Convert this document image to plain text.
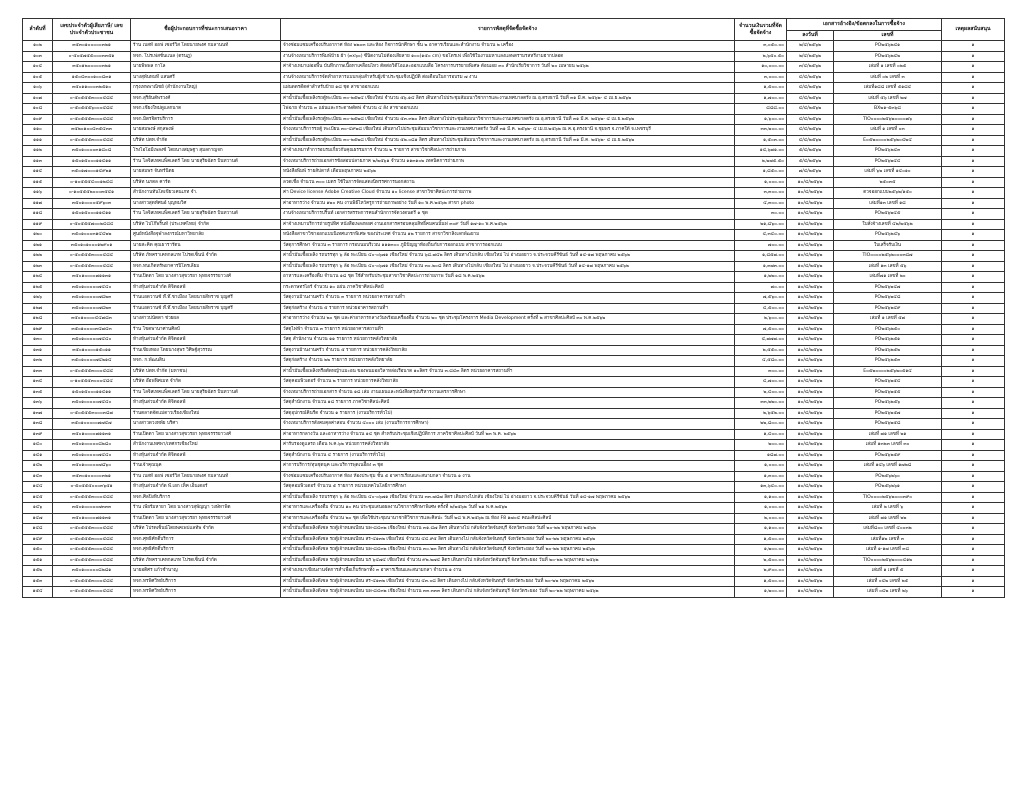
ลำดับที่	เลขประจำตัวผู้เสียภาษี/ เลขประจำตัวประชาชน	ชื่อผู้ประกอบการที่ชนะการเสนอราคา	รายการพัสดุที่จัดซื้อจัดจ้าง	จำนวนเงินรวมที่จัดซื้อจัดจ้าง	เอกสารอ้างอิง/ข้อตกลงในการซื้อจ้าง		เหตุผลสนับสนุน
					ลงวันที่	เลขที่	
๑๐๒	๓๕๓๐๑๐๐๐๐๐๓๒๑	ร้าน เบสท์ ออฟ เซอร์วิส โดยนายพงศ กมลานนท์	จ้างซ่อมแซมเครื่องปรับอากาศ ห้อง ๒๒๐๓ และห้อง กิจการนักศึกษา ชั้น ๒ อาคารเรียนและสำนักงาน จำนวน ๒ เครื่อง	๓,๐๕๐.๐๐	๒/๔/๒๕๖๒	PO๒๕๖๒๔๑	๑
๑๐๓	๐-๕๐๕๗๕๕๐๐๐๓๓๕๑	หจก. โปรเฟสชั่นแนล (ตรนฎ)	งานจ้างเหมาบริการพิมพ์ป้าย ผ้า (๓x๖๐) ซีนิดงานไม่ต้องเสียลาย ๑๐๐(๑๕๐ cm) ขอโตรเฟ เพื่อใช้ในงานมหาแลงแลพตรฯมรสหรีงามฮากปลอด	๒,๖๕๐.๕๐	๒/๔/๒๕๖๒	PO๒๕๖๒๔๒	๑
๑๐๔	๓๕๐๑๒๐๐๐๐๐๓๒๑	นายพิพพล กาโล	ค่าจ้างเหมาเผ่ออพื้น บันทึกภาพเนื้อหาเคลื่อนไหว ตัดต่อวิดีโอและออกแบบสื่อ โครงการบรรยายพิเศษ ต้อนเอย ๓๐ สำนักเรียวิชาการ วันที่ ๒๐ เมษายน ๒๕๖๒	๑๐,๐๐๐.๐๐	๓/๔/๒๕๖๒	เล่มที่ ๑ เลขที่ ๐๒๕	๑
๑๐๕	๑๕๐๔๓๐๐๑๐๐๘๓๑	นางสุพันหมที แสนศรี	งานจ้างเหมาบริการจัดทำอาหารแบบกลุ่มสำหรับผู้เข้าประชุมเชิงปฏิบัติ ต่อเดือนในการอบรม ๗ งาน	๓,๐๐๐.๐๐	๔/๔/๒๕๖๒	เล่มที่ ๐๒ เลขที่ ๓	๑
๑๐๖	๓๕๐๑๑๐๐๐๓๒๕๑๐	กรุงเทพพาณิชย์ (สำนักงานใหญ่)	แผ่นดตรดีตค่าสำหรับป้าย ๑๘ ชุด สาขาออกแบบ	๑,๕๐๐.๐๐	๔/๔/๒๕๖๒	เล่มที่๑๘๘ เลขที่ ๕๑๘๔	๑
๑๐๗	๐-๕๐๕๕๕๓๐๐๐๔๘๔	หจก.สุริยันต์พรวงศ์	ค่าน้ำมันเชื้อเพลิงรถตู้ทะเบียน ๓๐-๒๕๒๔ เชียงใหม่ จำนวน ๕๖.๑๔ ลิตร เดินทางไปประชุมสัมมนาวิชาการและงานเทศบาลตรัง ณ อุ.ตรงธานี วันที่ ๓๑ มี.ค. ๒๕๖๒- ๔ เม.ย.๒๕๖๒	๑,๗๐๐.๐๐	๔/๔/๒๕๖๒	เล่มที่ ๕๖ เลขที่ ๒๗	๑
๑๐๘	๐-๕๐๕๕๕๖๐๐๐๔๘๔	หจก.เชียงใหม่ดูแลกนาด	ไฟฉาย จำนวน ๓ แผ่นและกระดาษดัดฟ จำนวน ๔ ลัง สาขาออกแบบ	๘๘๘.๐๐	๔/๔/๒๕๖๒	BX๒๑-๕๓๖๘	๑
๑๐๙	๐-๕๐๕๕๕๓๐๐๐๔๘๔	หจก.มิตรจิตรบริการ	ค่าน้ำมันเชื้อเพลิงรถตู้ทะเบียน ๓๐-๒๕๒๘ เชียงใหม่ จำนวน ๕๓.๓๒๐ ลิตร เดินทางไปประชุมสัมมนาวิชาการและงานเทศบาลตรัง ณ อุ.ตรงธานี วันที่ ๓๑ มี.ค. ๒๕๖๒- ๔ เม.ย.๒๕๖๒	๑,๖๐๐.๐๐	๔/๔/๒๕๖๒	TIO๐๐๐๐๒๕๖๒๐๐๐๐๗๖	๑
๑๑๐	๓๕๒๐๑๐๐๔๓๕๔๓๓	นายสมพงษ์ สกุลพงษ์	จ้างเหมาบริการรถตู้ ทะเบียน ๓๐-๔๙๒๘ เชียงใหม่ เดินทางไปประชุมสัมมนาวิชาการและงานเทศบาลตรัง วันที่ ๓๑ มี.ค. ๒๕๖๒- ๔ เม.ย.๒๕๖๒ ณ ค.อุ.ตรงธานี จ.ชุมพร จ.ภาคใต้ จ.เพชรบุรี	๓๓,๒๐๐.๐๐	๔/๔/๒๕๖๒	เล่มที่ ๑ เลขที่ ๐๓	๑
๑๑๑	๐-๕๐๕๕๕๓๐๐๐๔๘๔	บริษัท ปตท.จำกัด	ค่าน้ำมันเชื้อเพลิงรถตู้ทะเบียน ๓๐-๒๕๒๘ เชียงใหม่ จำนวน ๕๒.๐๘๑ ลิตร เดินทางไปประชุมสัมมนาวิชาการและงานเทศบาลตรัง ณ อุ.ตรงธานี วันที่ ๓๑ มี.ค. ๒๕๖๒- ๔ เม.ย.๒๕๖๒	๑,๕๐๓.๐๐	๔/๔/๒๕๖๒	E๐๕๒๐๐๐๐๒๕๖๒๐๔๒๔	๑
๑๑๒	๓๕๐๑๐๐๐๐๓๑๘๐๘	โรงไอโอมีเพลงซ์ โดยนางสมุษฐา สุมลกาญจก	ค่าจ้างเหมาทำการอบรมเกี่ยวกับคุณธรรมการ จำนวน ๒ รายการ สาขาวิชาศิลปะการถ่ายภาพ	๑๔,๖๗๑.๐๐	๕/๔/๒๕๖๒	PO๒๕๖๒๔๓	๑
๑๑๓	๑๕๐๑๕๐๐๐๑๑๔๑๑	ร้าน โลจิสเทคแพ็คเลตร์ โดย นายสุริยฉัตร บินทวานต์	จ้างเหมาบริการถ่ายเอกสารข้อสอบปลายภาค ๒/๒๕๖๑ จำนวน ๑๑๓๑๐๒ เทคนิคการถ่ายภาพ	๒,๒๗๕.๕๐	๕/๔/๒๕๖๒	PO๒๕๖๒๔๔	๑
๑๑๔	๓๕๐๑๗๐๐๐๑๔๙๒๑	นายสมพร จันทร์นิตย	หนังสือพิมพ์ รายสัปดาห์ เดือนพฤษภาคม ๒๕๖๒	๑,๘๕๐.๐๐	๗/๔/๒๕๖๒	เล่มที่ ๖๒ เลขที่ ๑๔๐๑๐	๑
๑๑๕	๐-๑๐๕๕๕๔๐๐๑๒๔๘	บริษัท นภดล คาร์ด	ลวดเชื่อ จำนวน ๓๐๐ เมตร ใช้ในการจัดแสดงนิทรรศการนอกสถาน	๑,๐๐๐.๐๐	๑๐/๔/๒๕๖๒	๒๕๐๓๕	๑
๑๑๖	๐-๑๐๕๕๕๒๐๐๐๓๕๔๑	สำนักงานทันโตเขียวเคนเภท จำ.	ค่า Device license Adobe Creative Cloud จำนวน ๑๐ license สาขาวิชาศิลปะการถ่ายภาพ	๓,๓๐๐.๐๐	๑๐/๔/๒๕๖๒	ตวจออกแบบ๒๕๖๒/๑๕๐	๑
๑๑๗	๓๕๐๑๐๐๐๐๕๙๖๐๓	นางสาวสุดทัศนอ์ บุญหมวิศ	ค่าอาหารว่าง จำนวน ๑๒๐ คน งานพิธีไหว้ครูการถ่ายภาพอย่าง วันที่ ๑๐ พ.ค.๒๕๖๒ สาขา photo	๔,๓๐๐.๐๐	๑๐/๔/๒๕๖๒	เล่มที่๑๓ เลขที่ ๑๘	๑
๑๑๘	๑๕๐๑๕๐๐๐๑๑๔๑๑	ร้าน โลจิสเทคแพ็คเลตร์ โดย นายสุริยฉัตร บินทวานต์	งานจ้างเหมาบริการปริ้นท์ เอกสารสรรพการคนสำนักการจัดวงดนตรี ๑ ชุด	๓๐.๐๐	๑๐/๔/๒๕๖๒	PO๒๕๖๒๔๕	๑
๑๑๙	๐-๕๐๕๕๕๗๐๐๒๔๘๔	บริษัท ไปโก๊พริ้นท์ (ประเทศไทย) จำกัด	ค่าจ้างเหมาบริการถ่ายรูปทิศ หนังสือเพลงหอศ งานเอกสารครอบคลุมสิทธิ์คมคนนั้นฟ ๓๐๙ วันที่ ๑๗-๑๐ พ.ค.๒๕๖๒	๒๑,๘๖๐.๐๐	๑๐/๔/๒๕๖๒	ใบสั่งจ้างเลขที่ ๔๒/๒๕๖๒	๑
๑๒๐	๓๕๐๑๐๐๐๓๑๔๔๒๒	ศูนย์หนังสือจุฬาลงกรณ์มหาวิทยาลัย	หนังสือสาขาวิชาออกแบบนิเทศแกรกพิเศษ ของประเทศ จำนวน ๑๒ รายการ สาขาวิชาสิงเลกพัฒยาม	๔,๓๔๐.๐๐	๑๐/๔/๒๕๖๒	PO๒๕๖๒๔๖	๑
๑๒๑	๓๕๐๑๐๑๐๐๐๑๒๙๐๑	นายสะคิด คุณธารารัตน	วัสดุการศึกษา จำนวน ๓ รายการ กรอบนมบริเวณ ๑๑๑๓๐๐ ภูมิปัญญาท้องถิ่นกับการออกแบบ สาขาการออกแบบ	๗๐๐.๐๐	๑๐/๔/๒๕๖๒	ใบเสร็จรับเงิน	๑
๑๒๒	๐-๕๐๕๕๕๓๐๐๐๔๘๔	บริษัท ภัทคราเคหกลเภท โปรดเซ็นน์ จำกัด	ค่าน้ำมันเชื้อเพลิง รถบรรทุก ๖ ล้อ ทะเบียน ๔๐-๐๖๗๑ เชียงใหม่ จำนวน ๖๘.๗๔๒ ลิตร เดินทางไปกลับ เชียงใหม่ ไป อ่างมอยาว จ.ประจวบคีรีขันธ์ วันที่ ๑๔-๑๗ พฤษภาคม ๒๕๖๒	๑,๘๕๗.๐๐	๑๐/๔/๒๕๖๒	TIO๐๐๐๐๒๕๖๒๐๐๐๓๘๗	๑
๑๒๓	๐-๕๐๕๕๕๓๐๐๐๔๘๔	หจก.ทนเกิดทรัพยาคารปิโตรเลียม	ค่าน้ำมันเชื้อเพลิง รถบรรทุก ๖ ล้อ ทะเบียน ๔๐-๐๖๗๑ เชียงใหม่ จำนวน ๓๐.๒๐๘ ลิตร เดินทางไปกลับ เชียงใหม่ ไป อ่างมอยาว จ.ประจวบคีรีขันธ์ วันที่ ๑๔-๑๗ พฤษภาคม ๒๕๖๒	๑,๓๗๓.๐๐	๑๐/๔/๒๕๖๒	เล่มที่ ๑๓ เลขที่ ๕๖	๑
๑๒๔	๓๕๐๑๐๐๐๐๗๑๑๓๑	ร้านเปิดตา โดย นางสาวสุขวรยา พุทธจรรรยาวงศ์	อาหารและเครื่องดื่ม จำนวน ๑๘ ชุด ใช้สำหรับประชุมสาขาวิชาศิลปะการถ่ายภาพ วันที่ ๑๘ พ.ค.๒๕๖๒	๑,๒๒๐.๐๐	๑๐/๔/๒๕๖๒	เล่มที่๗๑ เลขที่ ๒๐	๑
๑๒๕	๓๕๐๑๐๐๐๐๐๗๔๔๐	ห้างหุ้นส่วนจำกัด ดิจิตอลฟ์	กระดาษทรไอร์ จำนวน ๑๐ แผ่น ภาควิชาศิลปะศิลป์	๗๐.๐๐	๑๐/๔/๒๕๖๒	PO๒๕๖๒๔๗	๑
๑๒๖	๓๕๐๑๐๐๐๐๐๗๘๒๓	ร้านแอดวานซ์ ท๊.ท๊.ชาเมือง โดยนายสีหราช บุญศรี	วัสดุงานบ้านงานครัว จำนวน ๓ รายการ หน่วยอาคารสถานที่ฯ	๗,๕๖๐.๐๐	๑๐/๔/๒๕๖๒	PO๒๕๖๒๔๘	๑
๑๒๗	๓๕๐๑๐๐๐๐๐๗๘๒๓	ร้านแอดวานซ์ ท๊.ท๊.ชาเมือง โดยนายสีหราช บุญศรี	วัสดุก่อสร้าง จำนวน ๕ รายการ หน่วยอาคารสถานที่ฯ	๔,๕๐๐.๐๐	๑๐/๔/๒๕๖๒	PO๒๕๖๒๔๙	๑
๑๒๘	๓๕๐๑๐๐๐๐๔๔๗๘๓	นางสาวปนัดดา ช่วยผล	ค่าอาหารว่าง จำนวน ๒๐ ชุด และค่าอาหารกลางวันพร้อมเครื่องดื่ม จำนวน ๒๐ ชุด ประชุมโครงการ Media Development ครั้งที่ ๒ สาขาศิลปะศิลป์ ๓๐ พ.ค.๒๕๖๒	๒,๖๐๐.๐๐	๑๐/๔/๒๕๖๒	เล่มที่ ๑ เลขที่ ๕๗	๑
๑๒๙	๓๕๐๑๐๐๐๐๓๔๗๔๓	ร้าน โขดพานาศานศิลป์	วัสดุไฟฟ้า จำนวน ๓ รายการ หน่วยอาคารสถานที่ฯ	๗,๕๐๐.๐๐	๑๐/๔/๒๕๖๒	PO๒๕๖๒๕๐	๑
๑๓๐	๓๕๐๑๐๐๐๐๐๗๔๔๐	ห้างหุ้นส่วนจำกัด ดิจิตอลฟ์	วัสดุ สำนักงาน จำนวน ๑๑ รายการ หน่วยการคลังวิทยาลัย	๔,๗๗๗.๐๐	๑๐/๔/๒๕๖๒	PO๒๕๖๒๕๑	๑
๑๓๑	๓๕๐๑๐๐๐๐๑๕๐๑๑	ร้านเขียงทอง โดยนางสุพร วิศิษฐ์สุวรรณ	วัสดุงานบ้านงานครัว จำนวน ๕ รายการ หน่วยการคลังวิทยาลัย	๒,๕๕๐.๐๐	๑๐/๔/๒๕๖๒	PO๒๕๖๒๕๒	๑
๑๓๒	๓๕๐๑๐๐๐๐๗๔๒๑๔	หจก. ก.พัฒนสิน	วัสดุก่อสร้าง จำนวน ๒๒ รายการ หน่วยการคลังวิทยาลัย	๔,๕๘๐.๐๐	๑๐/๔/๒๕๖๒	PO๒๕๖๒๕๓	๑
๑๓๓	๐-๕๐๕๕๕๓๐๐๐๔๘๔	บริษัท ปตท.จำกัด (มหาชน)	ค่าน้ำมันเชื้อเพลิงหรือตัดหญ้าแมะอน ของพนมออวิลาหล่อเรือนาด ๑๐ลิตร จำนวน ๓.๘๔๓ ลิตร หน่วยอาคารสถานที่ฯ	๓๐๐.๐๐	๑๐/๔/๒๕๖๒	E๐๕๒๐๐๐๐๒๕๖๒๐๕๑๔	๑
๑๓๔	๐-๑๐๕๕๕๓๐๐๐๔๘๔	บริษัท อ๊อฟฟิศเมท จำกัด	วัสดุคอมพิวเตอร์ จำนวน ๒ รายการ หน่วยการคลังวิทยาลัย	๔,๗๐๐.๐๐	๑๐/๔/๒๕๖๒	PO๒๕๖๒๕๔	๑
๑๓๕	๑๕๐๑๕๐๐๐๑๑๔๑๑	ร้าน โลจิสเทคแพ็คเลตร์ โดย นายสุริยฉัตร บินทวานต์	จ้างเหมาบริการถ่ายเอกสาร จำนวน ๑๘ เล่ม งานแผนและหนังสือสรุปบริหารงานเดรการศึกษา	๒,๔๐๐.๐๐	๑๐/๔/๒๕๖๒	PO๒๕๖๒๕๕	๑
๑๓๖	๓๕๐๑๐๐๐๐๐๗๔๔๐	ห้างหุ้นส่วนจำกัด ดิจิตอลฟ์	วัสดุสำนักงาน จำนวน ๑๘ รายการ ภาควิชาศิลปะศิลป์	๓๓,๒๒๐.๐๐	๑๐/๔/๒๕๖๒	PO๒๕๖๒๕๖	๑
๑๓๗	๐-๕๐๕๕๕๓๐๐๐๓๘๗	ร้านตลาดจัดแม่ดาวเรียงเชียงใหม่	วัสดุอุปกรณ์คินรีด จำนวน ๑ รายการ (งานบริการทั่วไป)	๒,๖๕๒.๐๐	๑๐/๔/๒๕๖๒	PO๒๕๖๒๕๗	๑
๑๓๘	๓๕๐๑๐๐๐๐๐๗๗๔๗	นางสาวดวงทพัย บริศา	จ้างเหมาบริการสังคมคุลค่าสอน จำนวน ๔๐๐๐ เล่ม (งานบริการการศึกษา)	๒๒,๘๐๐.๐๐	๑๐/๔/๒๕๖๒	PO๒๕๖๒๕๘	๑
๑๓๙	๓๕๐๑๐๐๐๐๗๑๑๓๑	ร้านเปิดตา โดย นางสาวสุขวรยา พุทธจรรรยาวงศ์	ค่าอาหารกลางวัน และอาหารว่าง จำนวน ๑๔ ชุด สำหรับประชุมเชิงปฏิบัติการ ภาควิชาศิลปะศิลป์ วันที่ ๒๓ พ.ค. ๒๕๖๒	๑,๔๐๐.๐๐	๑๐/๔/๒๕๖๒	เล่มที่ ๗๑ เลขที่ ๒๑	๑
๑๔๐	๓๕๐๑๐๐๐๐๐๘๒๘๐	สำนักงานเทศพา/เทศกรเชียงใหม่	ค่ารับรองดูแลรถ เดือน พ.ค.๖๒ หน่วยการคลังวิทยาลัย	๒๐๐.๐๐	๑๐/๔/๒๕๖๒	เล่มที่ ๑๓๒๓ เลขที่ ๓๐	๑
๑๔๑	๓๕๐๑๐๐๐๐๐๗๔๔๐	ห้างหุ้นส่วนจำกัด ดิจิตอลฟ์	วัสดุสำนักงาน จำนวน ๔ รายการ (งานบริการทั่วไป)	๑๘๗.๐๐	๑๐/๔/๒๕๖๒	PO๒๕๖๒๕๙	๑
๑๔๒	๓๕๐๑๐๐๐๐๐๗๘๖๐	ร้านเจ้าคุณนุค	ค่าการบริการ/ทุนชุดนุค และบริการพุดเนอื้อง ๓ ชุด	๑,๐๐๐.๐๐	๑๐/๔/๒๕๖๒	เล่มที่ ๑๔๖ เลขที่ ๑๗๒๘	๑
๑๔๓	๓๕๓๐๑๐๐๐๐๐๓๒๑	ร้าน เบสท์ ออฟ เซอร์วิส โดยนายพงศ กมลานนท์	จ้างซ่อมแซมเครื่องปรับอากาศ ห้อง ห้องประชุม ชั้น ๕ อาคารเรียนและสนามกลา จำนวน ๑ งาน	๑,๓๐๐.๐๐	๑๐/๔/๒๕๖๒	PO๒๕๖๒๖๐	๑
๑๔๔	๐-๕๐๕๕๕๐๐๐๓๖๕๑	ห้างหุ้นส่วนจำกัด พี.เอก เท็ค เอ็นเตอร์	วัสดุคอมพิวเตอร์ จำนวน ๕ รายการ หน่วยเทคโนโลยีการศึกษา	๑๓,๖๔๐.๐๐	๑๐/๔/๒๕๖๒	PO๒๕๖๒๖๑	๑
๑๔๕	๐-๕๐๕๕๕๓๐๐๐๔๘๔	หจก.ศิลปิงทิบริการ	ค่าน้ำมันเชื้อเพลิง รถบรรทุก ๖ ล้อ ทะเบียน ๔๐-๐๖๗๑ เชียงใหม่ จำนวน ๓๓.๗๘๗ ลิตร เดินทางไปกลับ เชียงใหม่ ไป อ่างมอยาว จ.ประจวบคีรีขันธ์ วันที่ ๑๔-๑๗ พฤษภาคม ๒๕๖๒	๑,๑๐๐.๐๐	๑๐/๔/๒๕๖๒	TIO๐๐๐๐๒๕๖๒๐๐๐๓๙๐	๑
๑๔๖	๓๕๐๑๐๐๐๐๐๗๓๓๓	ร้าน เพียร์มหายา โดย นางสาวสุพัญญา วงษ์ทาพิต	ค่าอาหารและเครื่องดื่ม จำนวน ๑๐ คน ประชุมเสนอผลงานวิชาการศึกษาพิเศษ ครั้งที่ ๒/๒๕๖๒ วันที่ ๒๑ พ.ค.๒๕๖๒	๑,๐๐๐.๐๐	๑๐/๔/๒๕๖๒	เล่มที่ ๒ เลขที่ ๖	๑
๑๔๗	๓๕๐๑๐๐๐๐๗๑๑๓๑	ร้านเปิดตา โดย นางสาวสุขวรยา พุทธจรรรยาวงศ์	ค่าอาหารและเครื่องดื่ม จำนวน ๒๐ ชุด เพื่อใช้ประชุมนานาชาติวิชาการและศิลปะ วันที่ ๒๘ พ.ค.๒๕๖๒ ณ ห้อง F8 ๑๗๐๔ คณะศิลปะศิลป์	๒,๐๐๐.๐๐	๑๐/๔/๒๕๖๒	เล่มที่ ๗๑ เลขที่ ๒๒	๑
๑๔๘	๐-๕๐๕๕๕๓๐๐๐๔๘๔	บริษัท โปรดเซ็นน์โดยพคเพปแลท์พ จำกัด	ค่าน้ำมันเชื้อเพลิงดีเซล รถตู้เจ้าหมดเบียน นพ-๘๔๓๒ เชียงใหม่ จำนวน ๓๑.๘๗ ลิตร เดินทางไป กลับจังหวัดจันทบุรี จังหวัดระยอง วันที่ ๒๐-๒๒ พฤษภาคม ๒๕๖๒	๑,๑๐๐.๐๐	๑๐/๔/๒๕๖๒	เล่มที่๘๐๐ เลขที่ ๔๐๐๓๒	๑
๑๔๙	๐-๕๐๕๕๕๓๐๐๐๔๘๔	หจก.ศุทธิศักดิ์บริการ	ค่าน้ำมันเชื้อเพลิงดีเซล รถตู้เจ้าหมดเบียน สร-๔๑๓๒ เชียงใหม่ จำนวน ๔๔.๙๕ ลิตร เดินทางไป กลับจังหวัดจันทบุรี จังหวัดระยอง วันที่ ๒๐-๒๒ พฤษภาคม ๒๕๖๒	๑,๕๐๐.๐๐	๑๐/๔/๒๕๖๒	เล่มที่๑๒ เลขที่ ๓	๑
๑๕๐	๐-๕๐๕๕๕๓๐๐๐๔๘๔	หจก.ศุทธิศักดิ์บริการ	ค่าน้ำมันเชื้อเพลิงดีเซล รถตู้เจ้าหมดเบียน นพ-๘๔๓๒ เชียงใหม่ จำนวน ๓๐.๒๓ ลิตร เดินทางไป กลับจังหวัดจันทบุรี จังหวัดระยอง วันที่ ๒๐-๒๒ พฤษภาคม ๒๕๖๒	๑,๒๐๐.๐๐	๑๐/๔/๒๕๖๒	เล่มที่ ๑-๑๗ เลขที่ ๓๘	๑
๑๕๑	๐-๕๐๕๕๕๓๐๐๐๔๘๔	บริษัท ภัทคราเคหกลเภท โปรดเซ็นน์ จำกัด	ค่าน้ำมันเชื้อเพลิงดีเซล รถตู้เจ้าหมดเบียน นร ๖๔๗๔ เชียงใหม่ จำนวน ๙๒.๒๗๔ ลิตร เดินทางไป กลับจังหวัดจันทบุรี จังหวัดระยอง วันที่ ๒๐-๒๒ พฤษภาคม ๒๕๖๒	๒,๕๐๐.๐๐	๑๐/๔/๒๕๖๒	TIO๐๐๐๐๒๕๖๒๐๐๐๔๑๒	๑
๑๕๒	๓๕๐๑๐๐๐๐๐๘๒๘๑	นายอดิศร แก้วชำนาญ	ค่าจ้างเหมาเขียนงานจัดการสำเพื่อเก็บรักษาทั้ง ๓ อาคารเรียนและสนามกลา จำนวน ๑ งาน	๒,๙๐๐.๐๐	๑๐/๔/๒๕๖๒	เล่มที่ ๑ เลขที่ ๕	๑
๑๕๓	๐-๕๐๕๕๕๓๐๐๐๔๘๔	หจก.ทรพิศวิทย์บริการ	ค่าน้ำมันเชื้อเพลิงดีเซล รถตู้เจ้าหมดเบียน สร-๔๑๓๒ เชียงใหม่ จำนวน ๔๓.๐๘ ลิตร เดินทางไป กลับจังหวัดจันทบุรี จังหวัดระยอง วันที่ ๒๐-๒๒ พฤษภาคม ๒๕๖๒	๑,๕๐๐.๐๐	๑๐/๔/๒๕๖๒	เล่มที่ ๐๔๒ เลขที่ ๒๕	๑
๑๕๔	๐-๕๐๕๕๕๓๐๐๐๔๘๔	หจก.ทรพิศวิทย์บริการ	ค่าน้ำมันเชื้อเพลิงดีเซล รถตู้เจ้าหมดเบียน นพ-๘๔๓๒ เชียงใหม่ จำนวน ๓๓.๓๓๓ ลิตร เดินทางไป กลับจังหวัดจันทบุรี จังหวัดระยอง วันที่ ๒๐-๒๒ พฤษภาคม ๒๕๖๒	๑,๒๐๐.๐๐	๑๐/๔/๒๕๖๒	เล่มที่ ๐๔๒ เลขที่ ๒๖	๑
